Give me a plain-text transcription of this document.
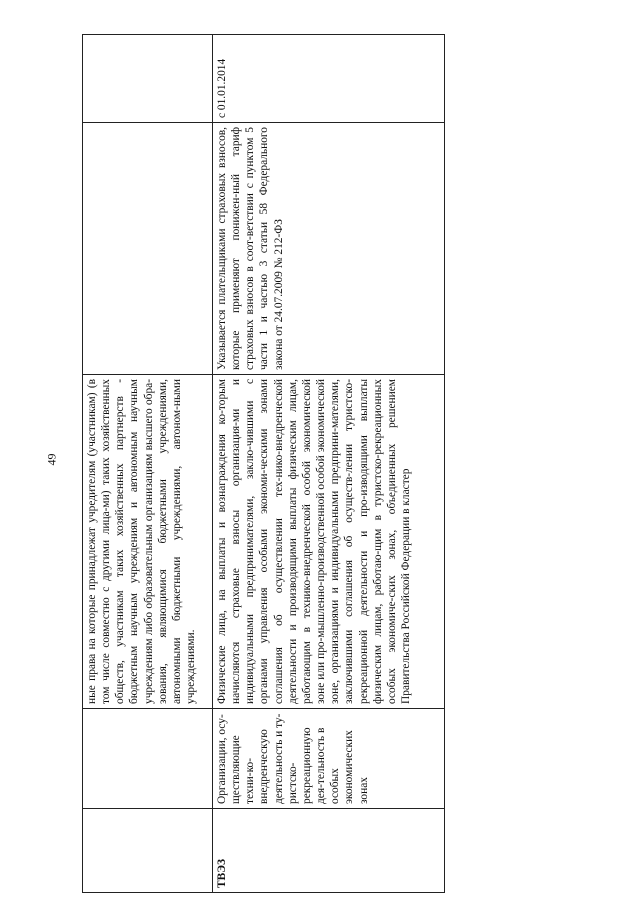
49
		ные права на которые принадлежат учредителям (участникам) (в том числе совместно с другими лица-ми) таких хозяйственных обществ, участникам таких хозяйственных партнерств - бюджетным научным учреждениям и автономным научным учреждениям либо образовательным организациям высшего обра-зования, являющимися бюджетными учреждениями, автономными бюджетными учреждениями, автоном-ными учреждениями.		
ТВЭЗ	Организации, осу-ществляющие техни-ко-внедренческую деятельность и ту-ристско-рекреационную дея-тельность в особых экономических зонах	Физические лица, на выплаты и вознаграждения ко-торым начисляются страховые взносы организация-ми и индивидуальными предпринимателями, заклю-чившими с органами управления особыми экономи-ческими зонами соглашения об осуществлении тех-нико-внедренческой деятельности и производящими выплаты физическим лицам, работающим в технико-внедренческой особой экономической зоне или про-мышленно-производственной особой экономической зоне, организациями и индивидуальными предприни-мателями, заключившими соглашения об осуществ-лении туристско-рекреационной деятельности и про-изводящими выплаты физическим лицам, работаю-щим в туристско-рекреационных особых экономиче-ских зонах, объединенных решением Правительства Российской Федерации в кластер	Указывается плательщиками страховых взносов, которые применяют понижен-ный тариф страховых взносов в соот-ветствии с пунктом 5 части 1 и частью 3 статьи 58 Федерального закона от 24.07.2009 № 212-ФЗ	с 01.01.2014
